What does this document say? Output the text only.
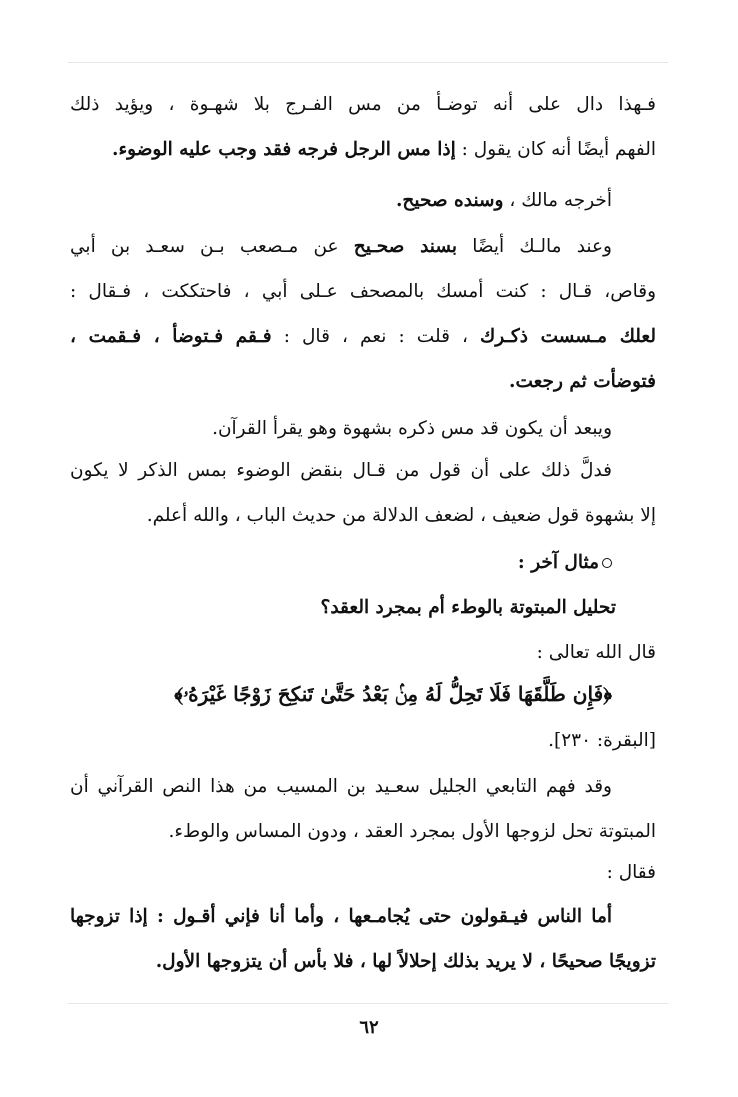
فـهذا دال على أنه توضـأ من مس الفـرج بلا شهـوة ، ويؤيد ذلك
الفهم أيضًا أنه كان يقول : إذا مس الرجل فرجه فقد وجب عليه الوضوء.
أخرجه مالك ، وسنده صحيح.
وعند مالـك أيضًا بسند صحـيح عن مـصعب بـن سعـد بن أبي
وقاص، قـال : كنت أمسك بالمصحف عـلى أبي ، فاحتككت ، فـقال :
لعلك مـسست ذكـرك ، قلت : نعم ، قال : فـقم فـتوضأ ، فـقمت ،
فتوضأت ثم رجعت.
ويبعد أن يكون قد مس ذكره بشهوة وهو يقرأ القرآن.
فدلَّ ذلك على أن قول من قـال بنقض الوضوء بمس الذكر لا يكون
إلا بشهوة قول ضعيف ، لضعف الدلالة من حديث الباب ، والله أعلم.
مثال آخر :
تحليل المبتوتة بالوطء أم بمجرد العقد؟
قال الله تعالى :
﴿فَإِن طَلَّقَهَا فَلَا تَحِلُّ لَهُ مِنۢ بَعْدُ حَتَّىٰ تَنكِحَ زَوْجًا غَيْرَهُۥ﴾
[البقرة: ٢٣٠].
وقد فهم التابعي الجليل سعـيد بن المسيب من هذا النص القرآني أن
المبتوتة تحل لزوجها الأول بمجرد العقد ، ودون المساس والوطء.
فقال :
أما الناس فيـقولون حتى يُجامـعها ، وأما أنا فإني أقـول : إذا تزوجها
تزويجًا صحيحًا ، لا يريد بذلك إحلالاً لها ، فلا بأس أن يتزوجها الأول.
٦٢
